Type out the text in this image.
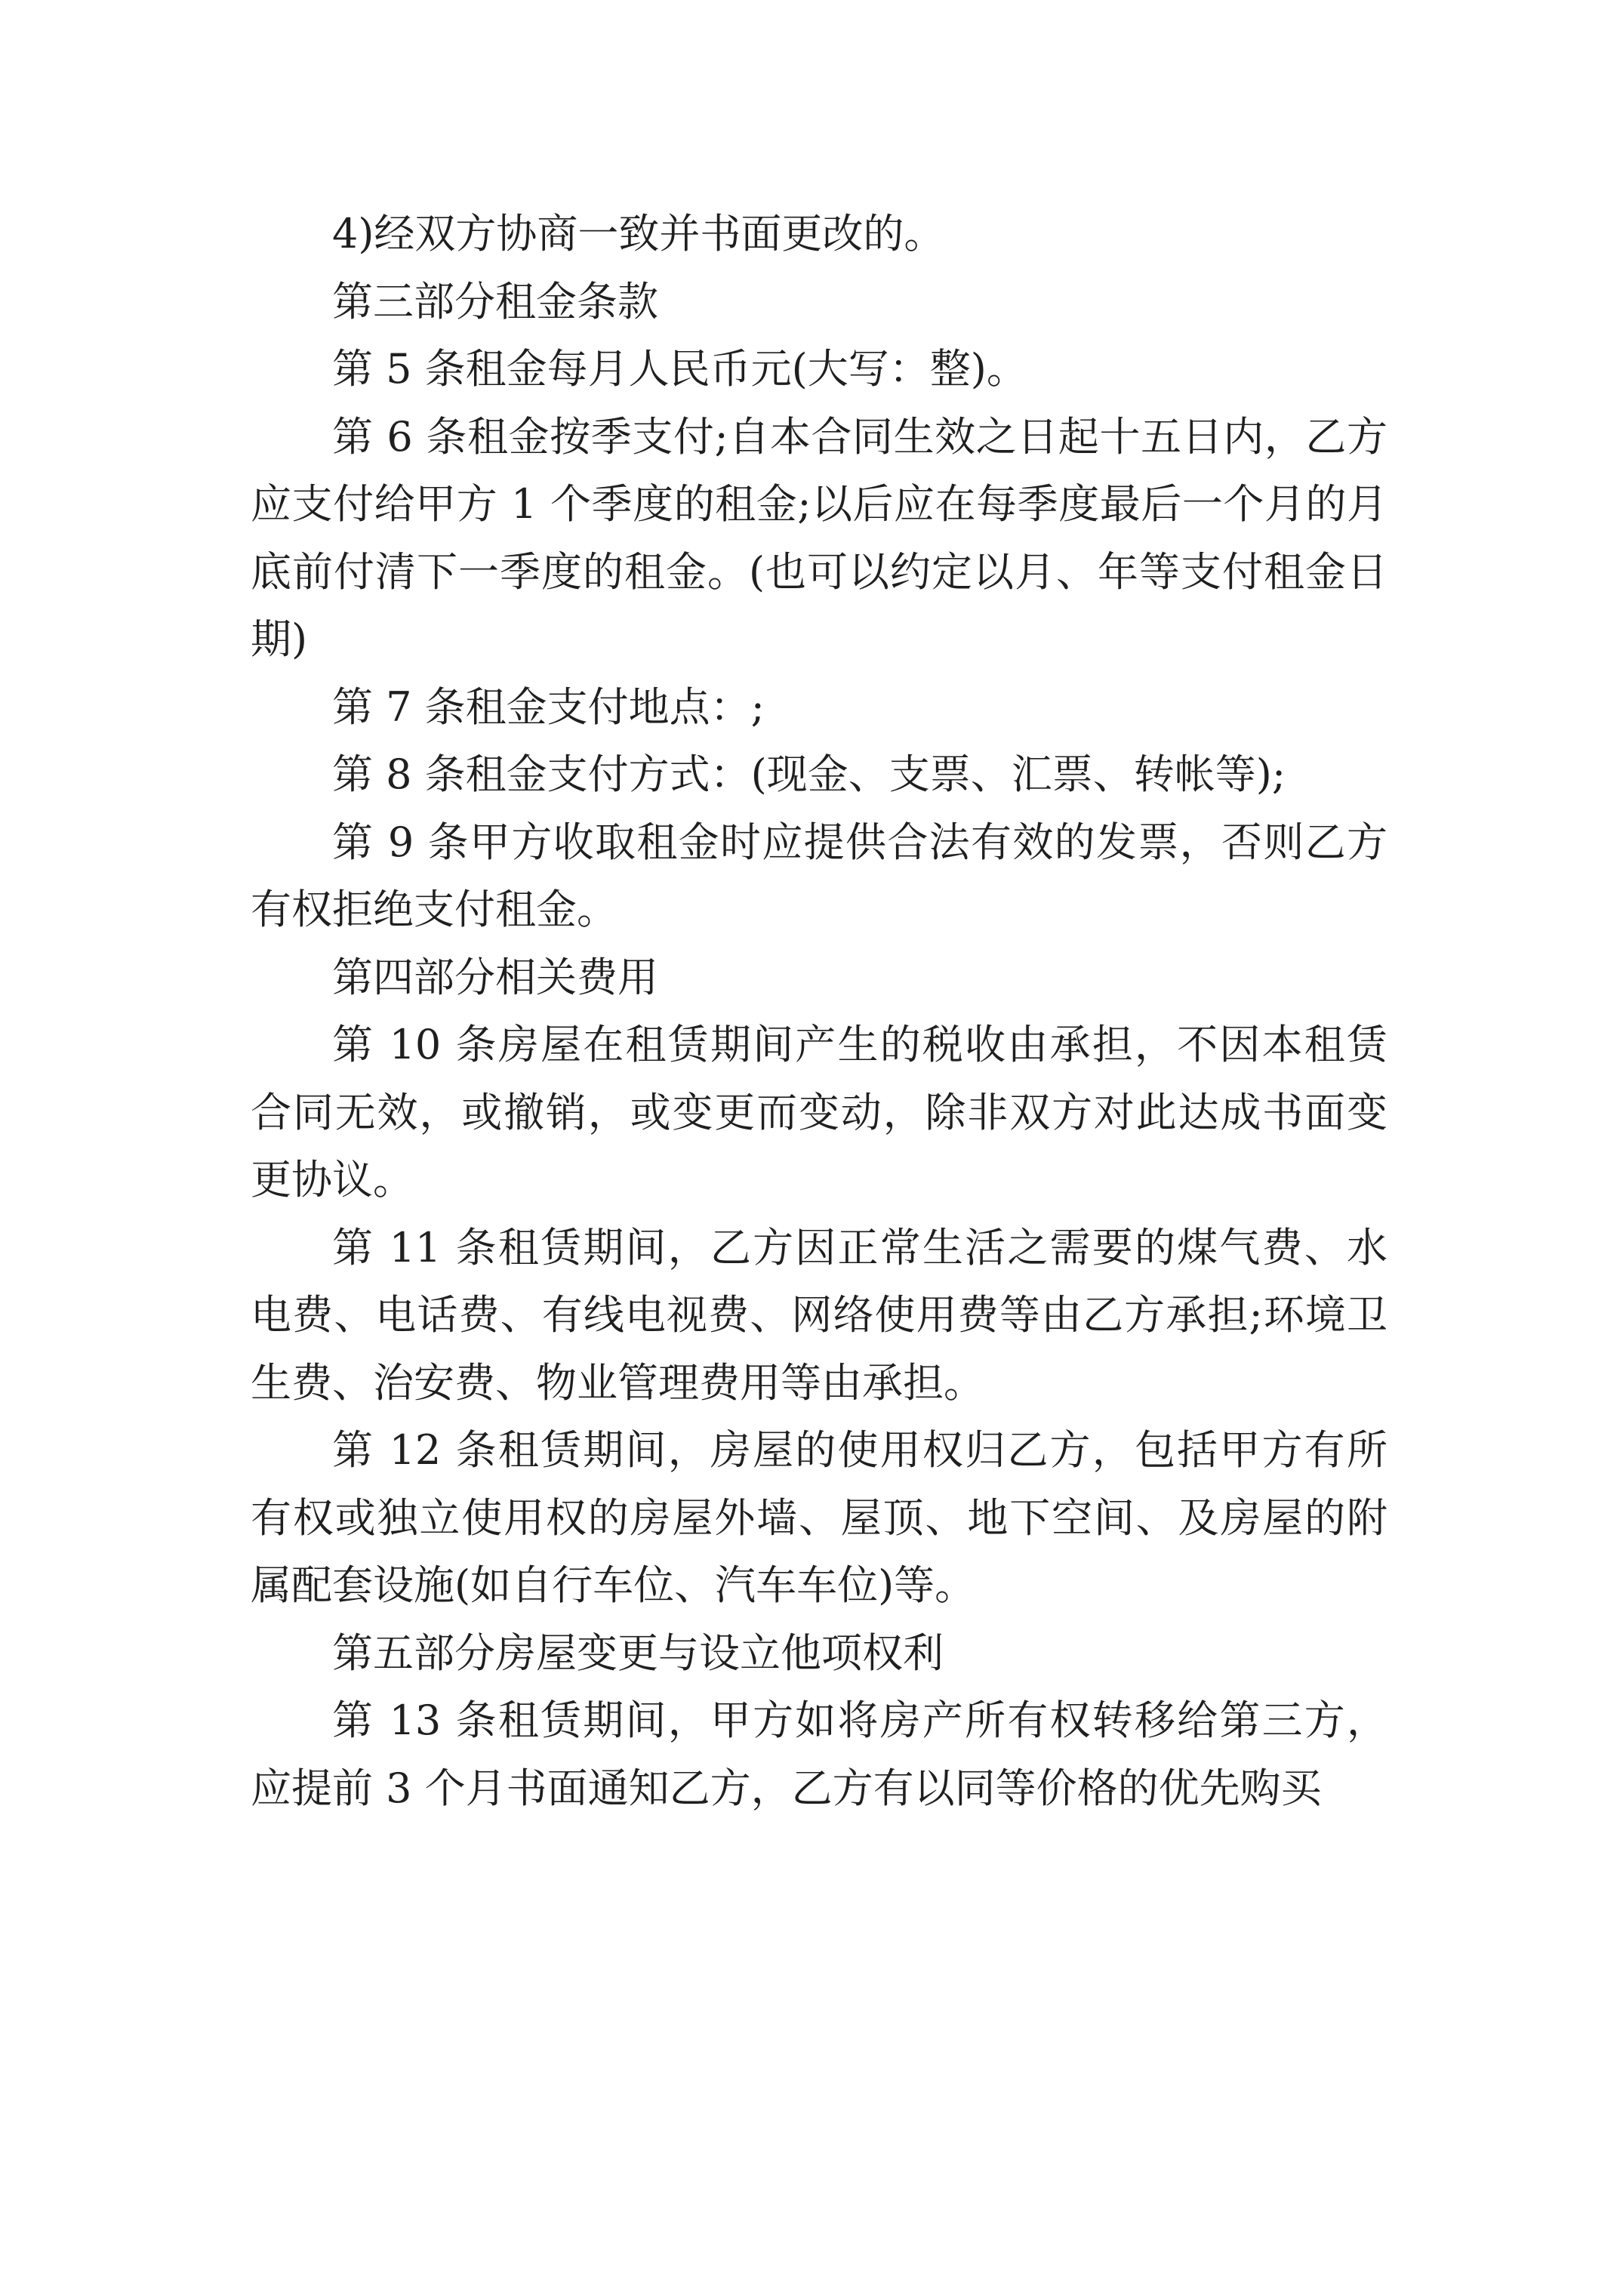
4)经双方协商一致并书面更改的。

第三部分租金条款

第 5 条租金每月人民币元(大写：整)。

第 6 条租金按季支付;自本合同生效之日起十五日内，乙方应支付给甲方 1 个季度的租金;以后应在每季度最后一个月的月底前付清下一季度的租金。(也可以约定以月、年等支付租金日期)

第 7 条租金支付地点：;

第 8 条租金支付方式：(现金、支票、汇票、转帐等);

第 9 条甲方收取租金时应提供合法有效的发票，否则乙方有权拒绝支付租金。

第四部分相关费用

第 10 条房屋在租赁期间产生的税收由承担，不因本租赁合同无效，或撤销，或变更而变动，除非双方对此达成书面变更协议。

第 11 条租赁期间，乙方因正常生活之需要的煤气费、水电费、电话费、有线电视费、网络使用费等由乙方承担;环境卫生费、治安费、物业管理费用等由承担。

第 12 条租赁期间，房屋的使用权归乙方，包括甲方有所有权或独立使用权的房屋外墙、屋顶、地下空间、及房屋的附属配套设施(如自行车位、汽车车位)等。

第五部分房屋变更与设立他项权利

第 13 条租赁期间，甲方如将房产所有权转移给第三方，应提前 3 个月书面通知乙方，乙方有以同等价格的优先购买
